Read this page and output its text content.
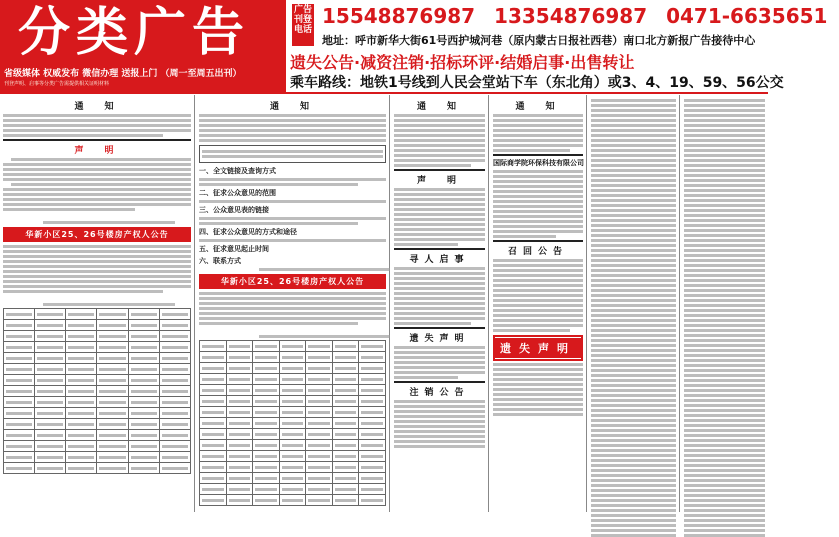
分类广告
省级媒体 权威发布 微信办理 送报上门 （周一至周五出刊）
刊登声明、启事等分类广告需提供相关证明材料
广告刊登电话
15548876987 13354876987 0471-6635651
地址：呼市新华大街61号西护城河巷（原内蒙古日报社西巷）南口北方新报广告接待中心
遗失公告·减资注销·招标环评·结婚启事·出售转让
乘车路线：地铁1号线到人民会堂站下车（东北角）或3、4、19、59、56公交
通　知
声　明
华新小区25、26号楼房产权人公告

通　知
一、全文链接及查询方式
二、征求公众意见的范围
三、公众意见表的链接
四、征求公众意见的方式和途径
五、征求意见起止时间
六、联系方式
华新小区25、26号楼房产权人公告

通　知
声　明
寻人启事
遗失声明
注销公告
通　知
国际商学院环保科技有限公司
召回公告
遗失声明
